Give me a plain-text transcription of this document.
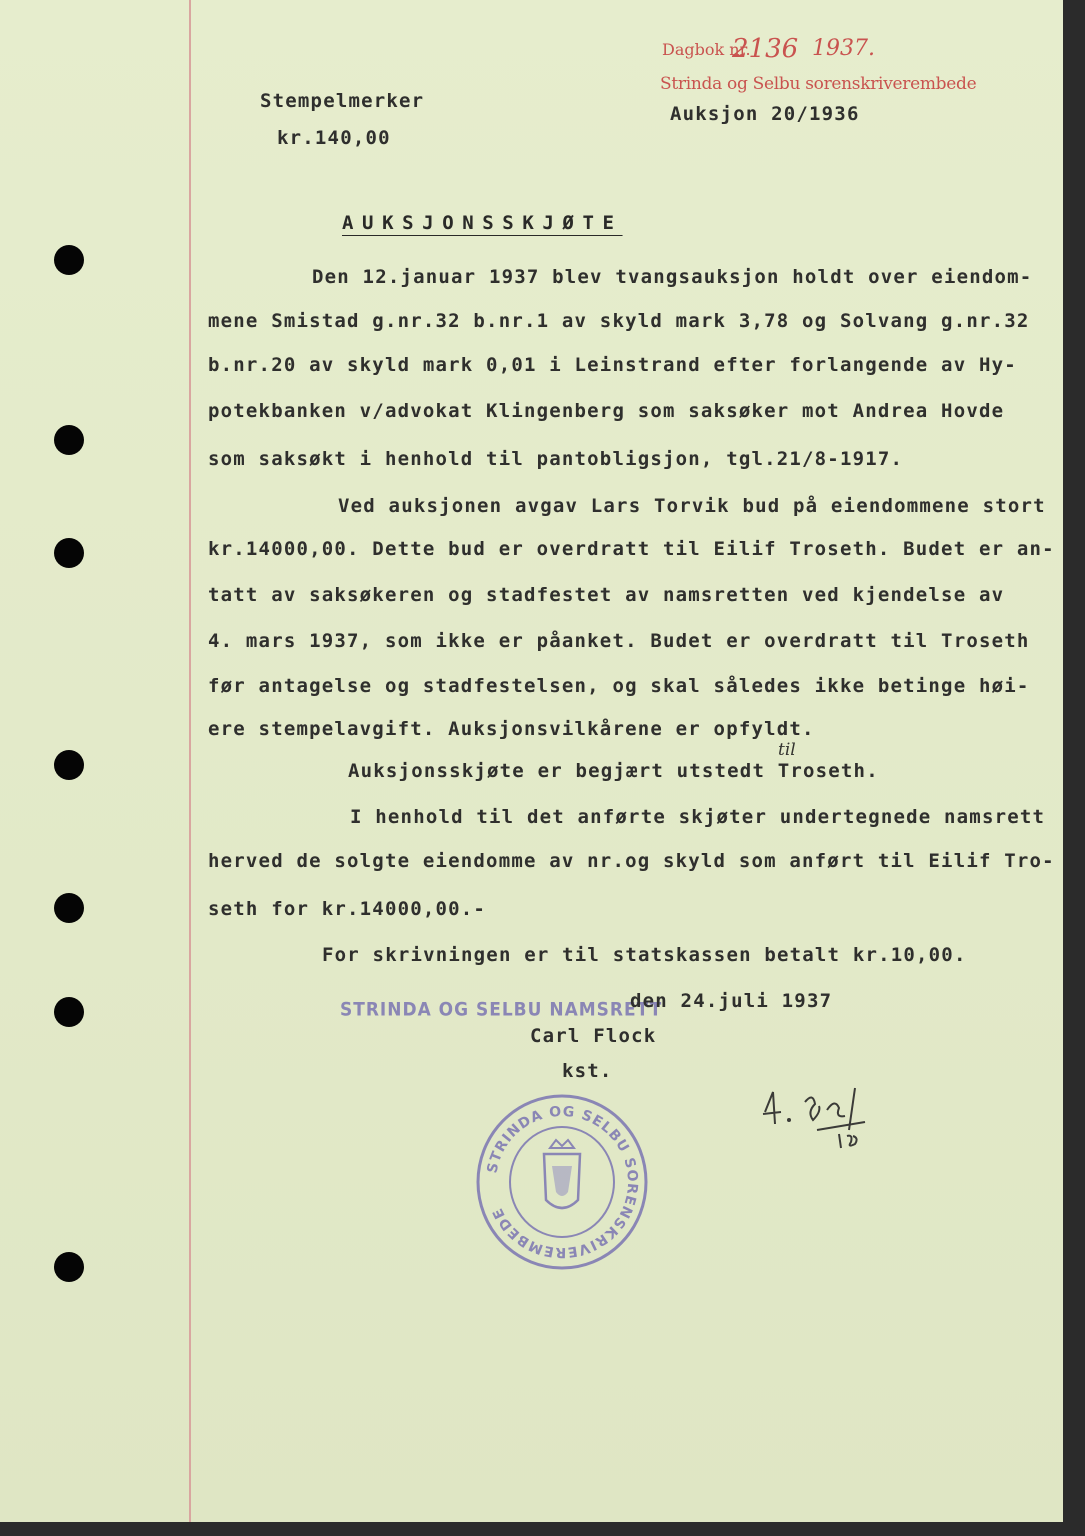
Dagbok nr.
2136 1937.
Strinda og Selbu sorenskriverembede
Auksjon 20/1936
Stempelmerker
kr.140,00
AUKSJONSSKJØTE
Den 12.januar 1937 blev tvangsauksjon holdt over eiendom-
mene Smistad g.nr.32 b.nr.1 av skyld mark 3,78 og Solvang g.nr.32
b.nr.20 av skyld mark 0,01 i Leinstrand efter forlangende av Hy-
potekbanken v/advokat Klingenberg som saksøker mot Andrea Hovde
som saksøkt i henhold til pantobligsjon, tgl.21/8-1917.
Ved auksjonen avgav Lars Torvik bud på eiendommene stort
kr.14000,00. Dette bud er overdratt til Eilif Troseth. Budet er an-
tatt av saksøkeren og stadfestet av namsretten ved kjendelse av
4. mars 1937, som ikke er påanket. Budet er overdratt til Troseth
før antagelse og stadfestelsen, og skal således ikke betinge høi-
ere stempelavgift. Auksjonsvilkårene er opfyldt.
Auksjonsskjøte er begjært utstedt Troseth.
til
I henhold til det anførte skjøter undertegnede namsrett
herved de solgte eiendomme av nr.og skyld som anført til Eilif Tro-
seth for kr.14000,00.-
For skrivningen er til statskassen betalt kr.10,00.
STRINDA OG SELBU NAMSRETT
den 24.juli 1937
Carl Flock
kst.
STRINDA OG SELBU SORENSKRIVEREMBEDE
